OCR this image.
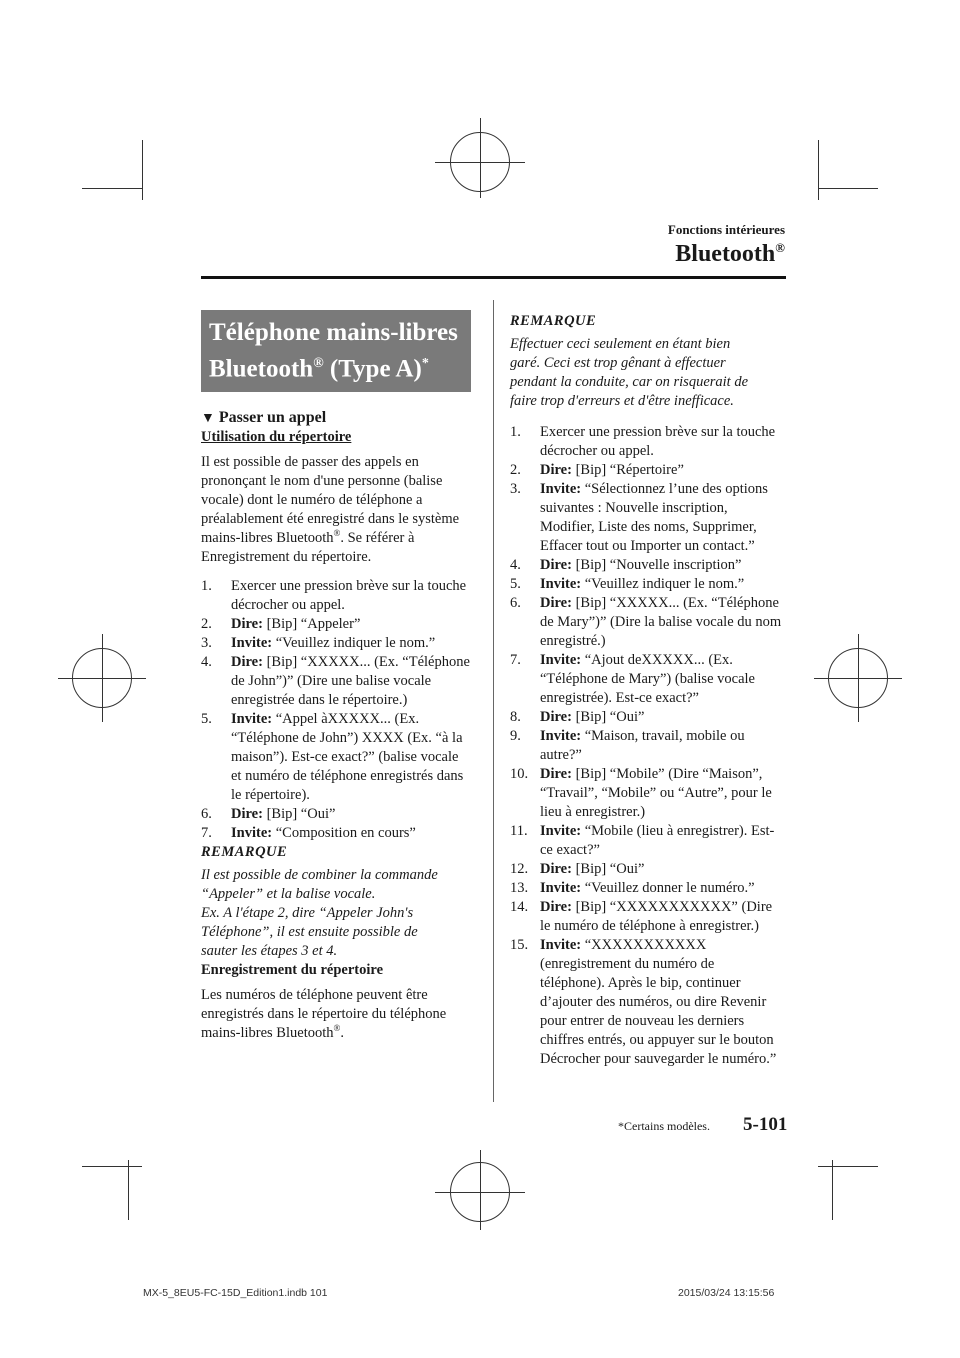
Fonctions intérieures
Bluetooth®
Téléphone mains-libres
Bluetooth® (Type A)*
▼ Passer un appel

Utilisation du répertoire

Il est possible de passer des appels en prononçant le nom d'une personne (balise vocale) dont le numéro de téléphone a préalablement été enregistré dans le système mains-libres Bluetooth®. Se référer à Enregistrement du répertoire.

1.	Exercer une pression brève sur la touche décrocher ou appel.
2.	Dire: [Bip] “Appeler”
3.	Invite: “Veuillez indiquer le nom.”
4.	Dire: [Bip] “XXXXX... (Ex. “Téléphone de John”)” (Dire une balise vocale enregistrée dans le répertoire.)
5.	Invite: “Appel àXXXXX... (Ex. “Téléphone de John”) XXXX (Ex. “à la maison”). Est-ce exact?” (balise vocale et numéro de téléphone enregistrés dans le répertoire).
6.	Dire: [Bip] “Oui”
7.	Invite: “Composition en cours”

REMARQUE

Il est possible de combiner la commande
“Appeler” et la balise vocale.
Ex. A l'étape 2, dire “Appeler John's
Téléphone”, il est ensuite possible de
sauter les étapes 3 et 4.

Enregistrement du répertoire

Les numéros de téléphone peuvent être enregistrés dans le répertoire du téléphone mains-libres Bluetooth®.

REMARQUE

Effectuer ceci seulement en étant bien
garé. Ceci est trop gênant à effectuer
pendant la conduite, car on risquerait de
faire trop d'erreurs et d'être inefficace.
1.	Exercer une pression brève sur la touche décrocher ou appel.
2.	Dire: [Bip] “Répertoire”
3.	Invite: “Sélectionnez l’une des options suivantes : Nouvelle inscription, Modifier, Liste des noms, Supprimer, Effacer tout ou Importer un contact.”
4.	Dire: [Bip] “Nouvelle inscription”
5.	Invite: “Veuillez indiquer le nom.”
6.	Dire: [Bip] “XXXXX... (Ex. “Téléphone de Mary”)” (Dire la balise vocale du nom enregistré.)
7.	Invite: “Ajout deXXXXX... (Ex. “Téléphone de Mary”) (balise vocale enregistrée). Est-ce exact?”
8.	Dire: [Bip] “Oui”
9.	Invite: “Maison, travail, mobile ou autre?”
10. Dire: [Bip] “Mobile” (Dire “Maison”, “Travail”, “Mobile” ou “Autre”, pour le lieu à enregistrer.)
11. Invite: “Mobile (lieu à enregistrer). Est-ce exact?”
12. Dire: [Bip] “Oui”
13. Invite: “Veuillez donner le numéro.”
14. Dire: [Bip] “XXXXXXXXXXX” (Dire le numéro de téléphone à enregistrer.)
15. Invite: “XXXXXXXXXXX (enregistrement du numéro de téléphone). Après le bip, continuer d’ajouter des numéros, ou dire Revenir pour entrer de nouveau les derniers chiffres entrés, ou appuyer sur le bouton Décrocher pour sauvegarder le numéro.”
*Certains modèles. 5-101
MX-5_8EU5-FC-15D_Edition1.indb 101	2015/03/24 13:15:56
